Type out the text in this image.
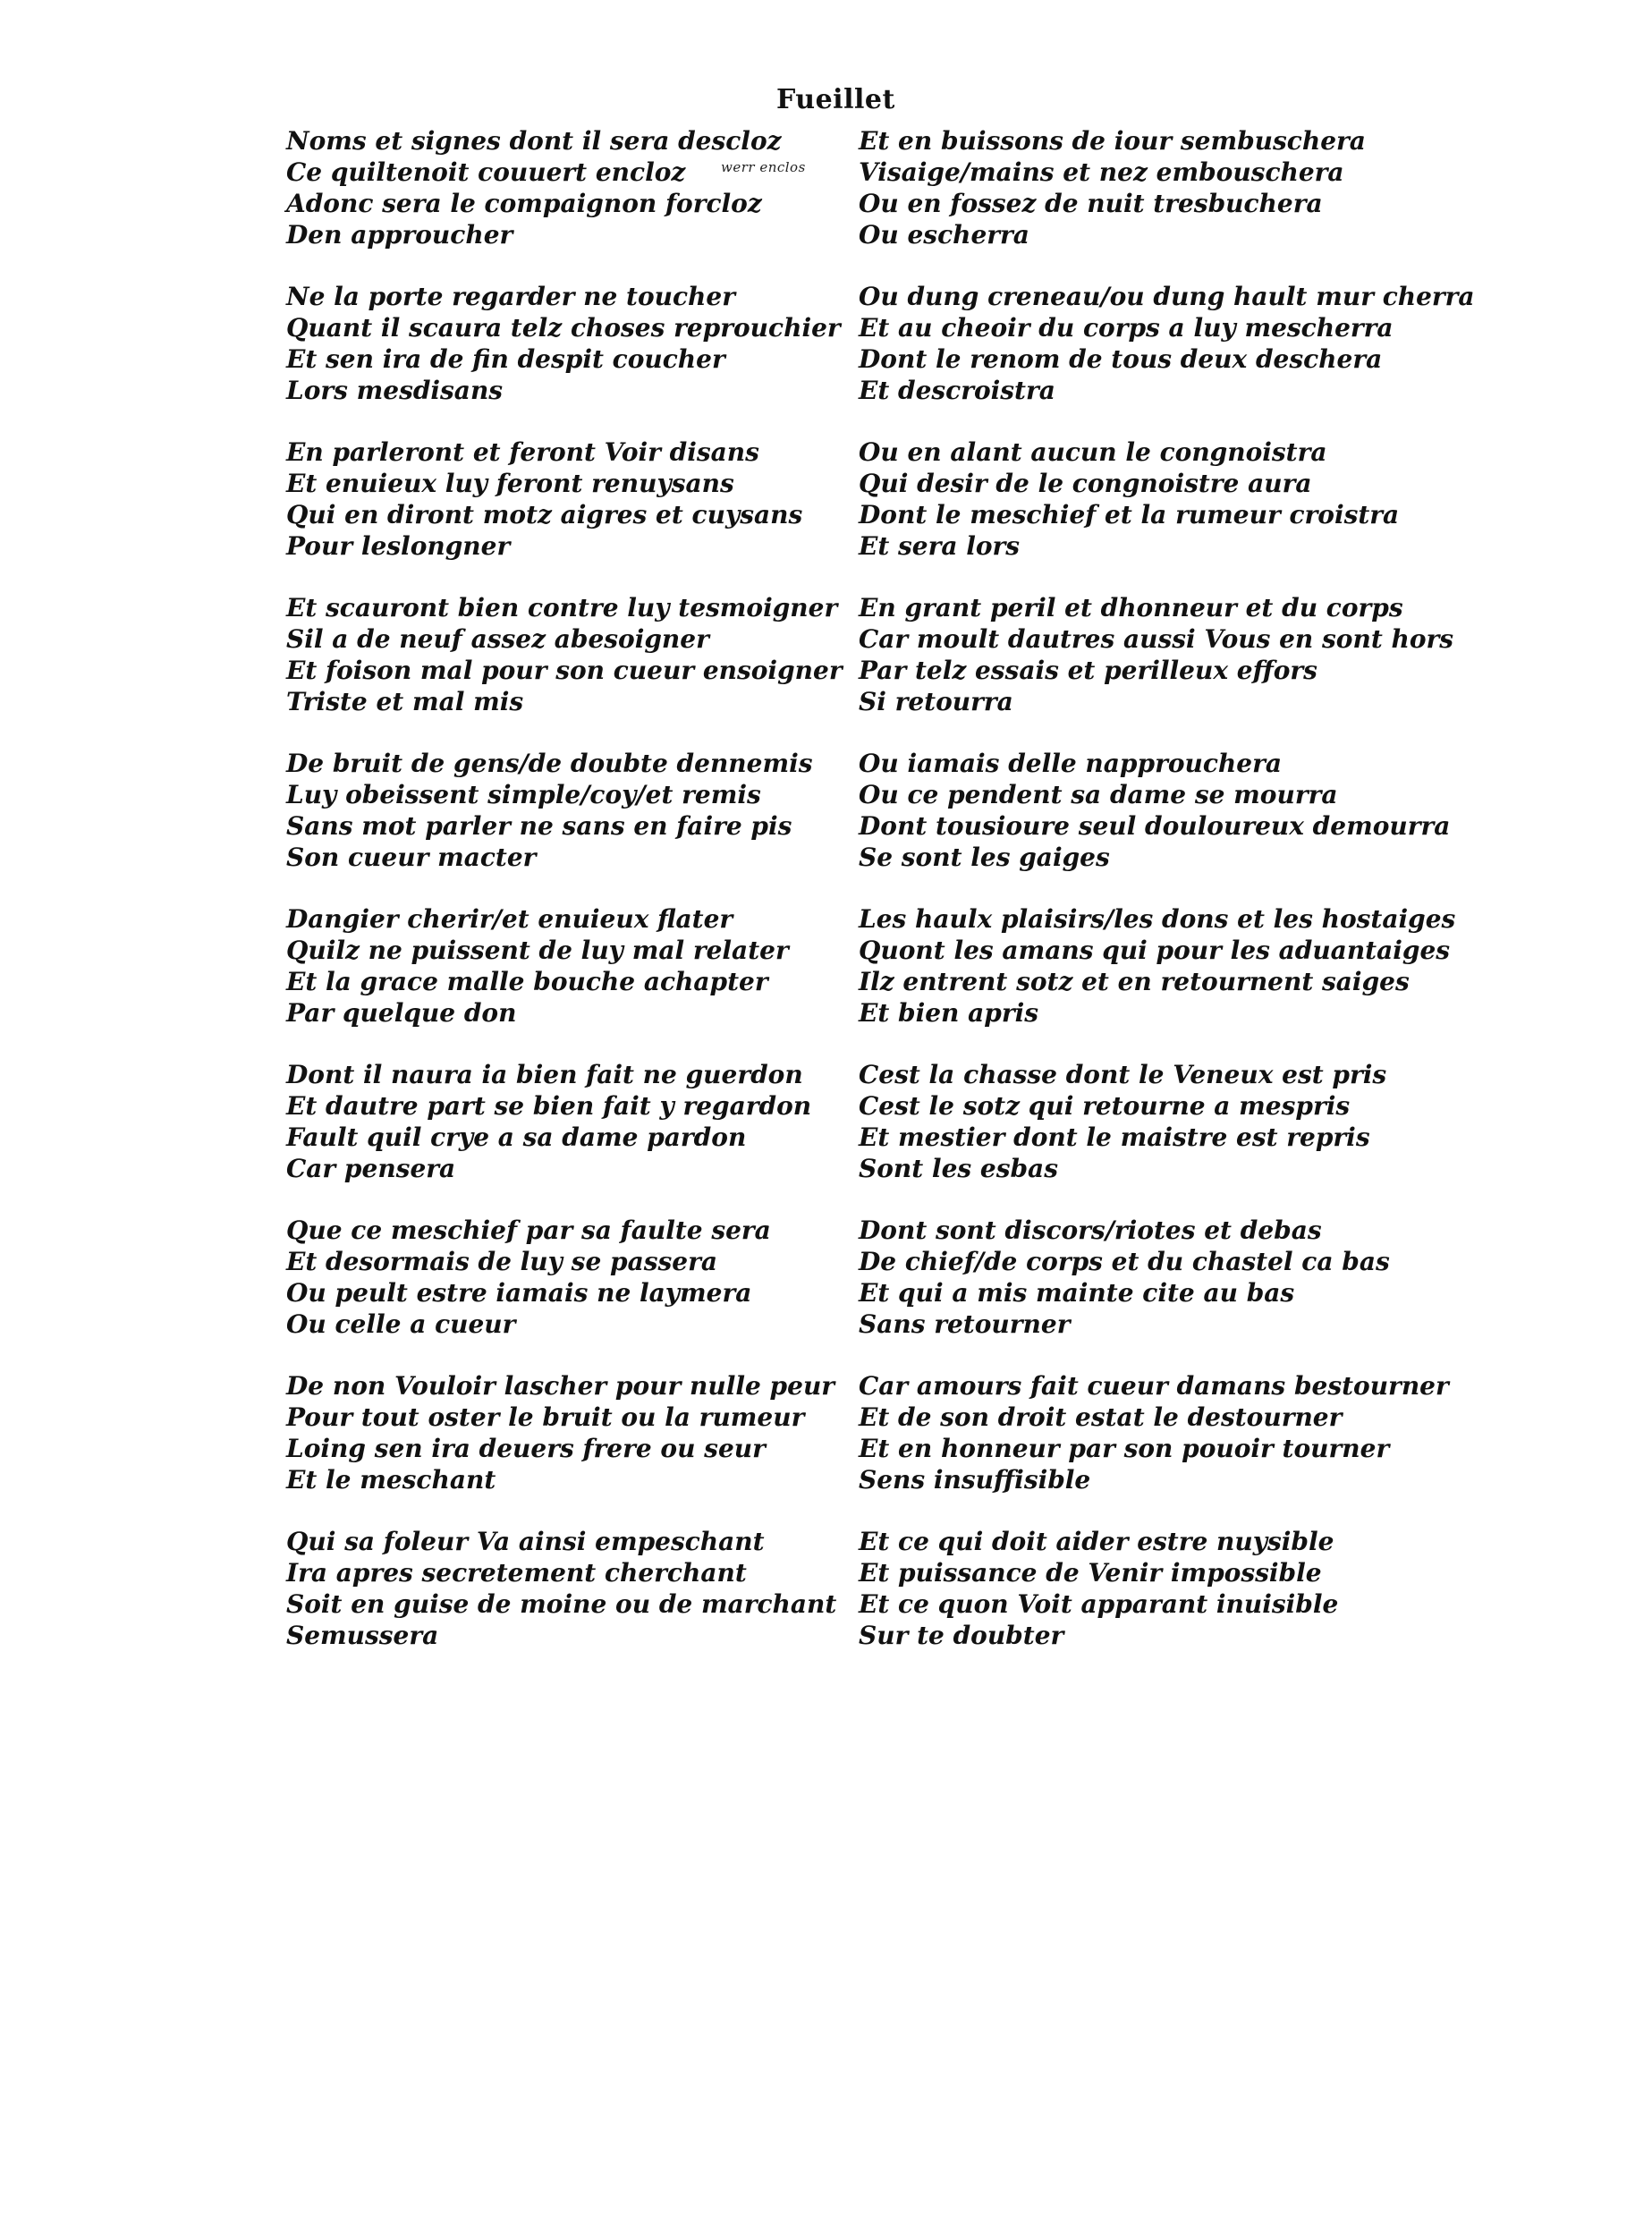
Fueillet
werr enclos
Noms et signes dont il sera descloz
Ce quiltenoit couuert encloz
Adonc sera le compaignon forcloz
Den approucher
Ne la porte regarder ne toucher
Quant il scaura telz choses reprouchier
Et sen ira de fin despit coucher
Lors mesdisans
En parleront et feront Voir disans
Et enuieux luy feront renuysans
Qui en diront motz aigres et cuysans
Pour leslongner
Et scauront bien contre luy tesmoigner
Sil a de neuf assez abesoigner
Et foison mal pour son cueur ensoigner
Triste et mal mis
De bruit de gens/de doubte dennemis
Luy obeissent simple/coy/et remis
Sans mot parler ne sans en faire pis
Son cueur macter
Dangier cherir/et enuieux flater
Quilz ne puissent de luy mal relater
Et la grace malle bouche achapter
Par quelque don
Dont il naura ia bien fait ne guerdon
Et dautre part se bien fait y regardon
Fault quil crye a sa dame pardon
Car pensera
Que ce meschief par sa faulte sera
Et desormais de luy se passera
Ou peult estre iamais ne laymera
Ou celle a cueur
De non Vouloir lascher pour nulle peur
Pour tout oster le bruit ou la rumeur
Loing sen ira deuers frere ou seur
Et le meschant
Qui sa foleur Va ainsi empeschant
Ira apres secretement cherchant
Soit en guise de moine ou de marchant
Semussera
Et en buissons de iour sembuschera
Visaige/mains et nez embouschera
Ou en fossez de nuit tresbuchera
Ou escherra
Ou dung creneau/ou dung hault mur cherra
Et au cheoir du corps a luy mescherra
Dont le renom de tous deux deschera
Et descroistra
Ou en alant aucun le congnoistra
Qui desir de le congnoistre aura
Dont le meschief et la rumeur croistra
Et sera lors
En grant peril et dhonneur et du corps
Car moult dautres aussi Vous en sont hors
Par telz essais et perilleux effors
Si retourra
Ou iamais delle napprouchera
Ou ce pendent sa dame se mourra
Dont tousioure seul douloureux demourra
Se sont les gaiges
Les haulx plaisirs/les dons et les hostaiges
Quont les amans qui pour les aduantaiges
Ilz entrent sotz et en retournent saiges
Et bien apris
Cest la chasse dont le Veneux est pris
Cest le sotz qui retourne a mespris
Et mestier dont le maistre est repris
Sont les esbas
Dont sont discors/riotes et debas
De chief/de corps et du chastel ca bas
Et qui a mis mainte cite au bas
Sans retourner
Car amours fait cueur damans bestourner
Et de son droit estat le destourner
Et en honneur par son pouoir tourner
Sens insuffisible
Et ce qui doit aider estre nuysible
Et puissance de Venir impossible
Et ce quon Voit apparant inuisible
Sur te doubter
